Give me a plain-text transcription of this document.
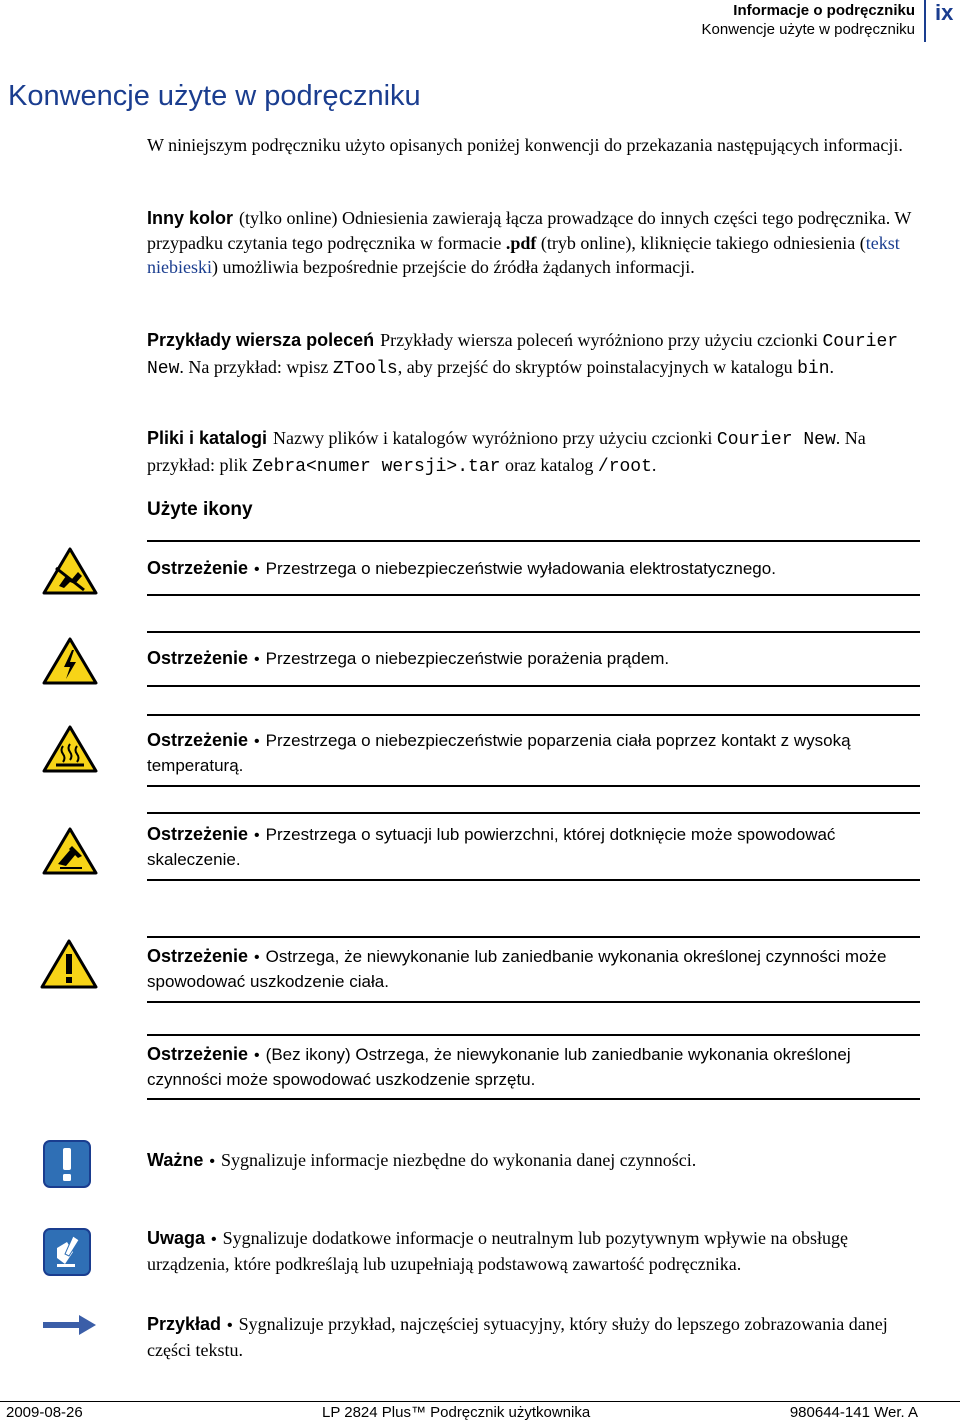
Informacje o podręczniku
Konwencje użyte w podręczniku
ix
Konwencje użyte w podręczniku

W niniejszym podręczniku użyto opisanych poniżej konwencji do przekazania następujących informacji.

Inny kolor (tylko online) Odniesienia zawierają łącza prowadzące do innych części tego podręcznika. W przypadku czytania tego podręcznika w formacie .pdf (tryb online), kliknięcie takiego odniesienia (tekst niebieski) umożliwia bezpośrednie przejście do źródła żądanych informacji.

Przykłady wiersza poleceń Przykłady wiersza poleceń wyróżniono przy użyciu czcionki Courier New. Na przykład: wpisz ZTools, aby przejść do skryptów poinstalacyjnych w katalogu bin.

Pliki i katalogi Nazwy plików i katalogów wyróżniono przy użyciu czcionki Courier New. Na przykład: plik Zebra<numer wersji>.tar oraz katalog /root.

Użyte ikony

Ostrzeżenie • Przestrzega o niebezpieczeństwie wyładowania elektrostatycznego.

Ostrzeżenie • Przestrzega o niebezpieczeństwie porażenia prądem.

Ostrzeżenie • Przestrzega o niebezpieczeństwie poparzenia ciała poprzez kontakt z wysoką temperaturą.

Ostrzeżenie • Przestrzega o sytuacji lub powierzchni, której dotknięcie może spowodować skaleczenie.

Ostrzeżenie • Ostrzega, że niewykonanie lub zaniedbanie wykonania określonej czynności może spowodować uszkodzenie ciała.

Ostrzeżenie • (Bez ikony) Ostrzega, że niewykonanie lub zaniedbanie wykonania określonej czynności może spowodować uszkodzenie sprzętu.

Ważne • Sygnalizuje informacje niezbędne do wykonania danej czynności.

Uwaga • Sygnalizuje dodatkowe informacje o neutralnym lub pozytywnym wpływie na obsługę urządzenia, które podkreślają lub uzupełniają podstawową zawartość podręcznika.

Przykład • Sygnalizuje przykład, najczęściej sytuacyjny, który służy do lepszego zobrazowania danej części tekstu.

2009-08-26	LP 2824 Plus™ Podręcznik użytkownika	980644-141 Wer. A
